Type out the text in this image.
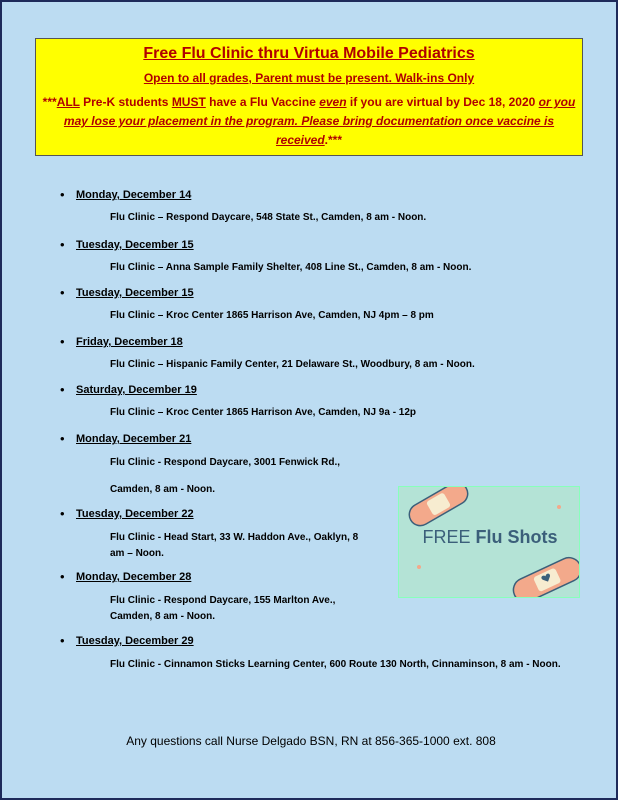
Free Flu Clinic thru Virtua Mobile Pediatrics
Open to all grades, Parent must be present. Walk-ins Only
***ALL Pre-K students MUST have a Flu Vaccine even if you are virtual by Dec 18, 2020 or you may lose your placement in the program. Please bring documentation once vaccine is received.***
• Monday, December 14
Flu Clinic – Respond Daycare, 548 State St., Camden, 8 am - Noon.
• Tuesday, December 15
Flu Clinic – Anna Sample Family Shelter, 408 Line St., Camden, 8 am - Noon.
• Tuesday, December 15
Flu Clinic – Kroc Center 1865 Harrison Ave, Camden, NJ 4pm – 8 pm
• Friday, December 18
Flu Clinic – Hispanic Family Center, 21 Delaware St., Woodbury, 8 am - Noon.
• Saturday, December 19
Flu Clinic – Kroc Center 1865 Harrison Ave, Camden, NJ 9a - 12p
• Monday, December 21
Flu Clinic - Respond Daycare, 3001 Fenwick Rd.,
Camden, 8 am - Noon.
• Tuesday, December 22
Flu Clinic - Head Start, 33 W. Haddon Ave., Oaklyn, 8
am – Noon.
• Monday, December 28
Flu Clinic - Respond Daycare, 155 Marlton Ave.,
Camden, 8 am - Noon.
• Tuesday, December 29
Flu Clinic - Cinnamon Sticks Learning Center, 600 Route 130 North, Cinnaminson, 8 am - Noon.
FREE Flu Shots
Any questions call Nurse Delgado BSN, RN at 856-365-1000 ext. 808
